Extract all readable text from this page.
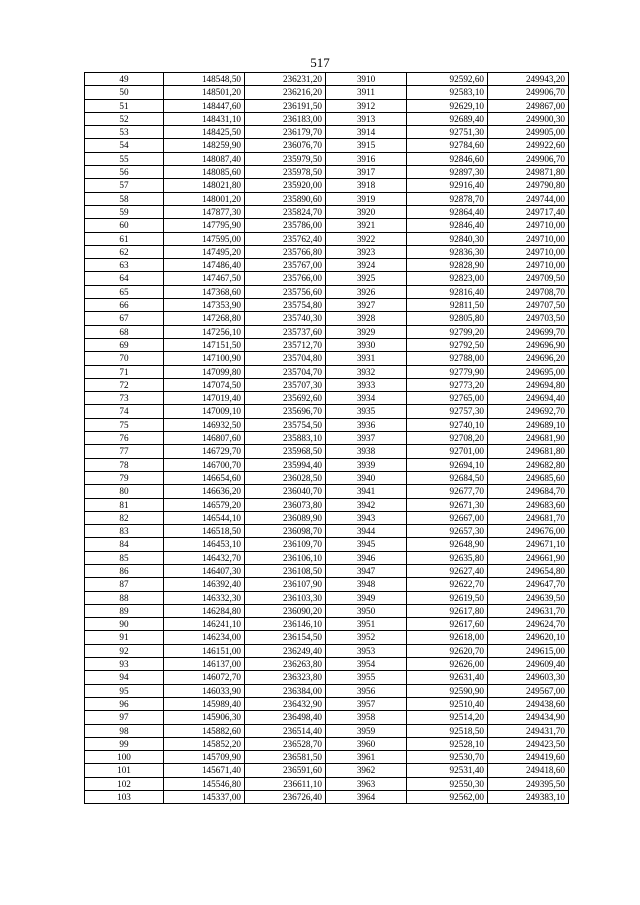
517
49	148548,50	236231,20	3910	92592,60	249943,20
50	148501,20	236216,20	3911	92583,10	249906,70
51	148447,60	236191,50	3912	92629,10	249867,00
52	148431,10	236183,00	3913	92689,40	249900,30
53	148425,50	236179,70	3914	92751,30	249905,00
54	148259,90	236076,70	3915	92784,60	249922,60
55	148087,40	235979,50	3916	92846,60	249906,70
56	148085,60	235978,50	3917	92897,30	249871,80
57	148021,80	235920,00	3918	92916,40	249790,80
58	148001,20	235890,60	3919	92878,70	249744,00
59	147877,30	235824,70	3920	92864,40	249717,40
60	147795,90	235786,00	3921	92846,40	249710,00
61	147595,00	235762,40	3922	92840,30	249710,00
62	147495,20	235766,80	3923	92836,30	249710,00
63	147486,40	235767,00	3924	92828,90	249710,00
64	147467,50	235766,00	3925	92823,00	249709,50
65	147368,60	235756,60	3926	92816,40	249708,70
66	147353,90	235754,80	3927	92811,50	249707,50
67	147268,80	235740,30	3928	92805,80	249703,50
68	147256,10	235737,60	3929	92799,20	249699,70
69	147151,50	235712,70	3930	92792,50	249696,90
70	147100,90	235704,80	3931	92788,00	249696,20
71	147099,80	235704,70	3932	92779,90	249695,00
72	147074,50	235707,30	3933	92773,20	249694,80
73	147019,40	235692,60	3934	92765,00	249694,40
74	147009,10	235696,70	3935	92757,30	249692,70
75	146932,50	235754,50	3936	92740,10	249689,10
76	146807,60	235883,10	3937	92708,20	249681,90
77	146729,70	235968,50	3938	92701,00	249681,80
78	146700,70	235994,40	3939	92694,10	249682,80
79	146654,60	236028,50	3940	92684,50	249685,60
80	146636,20	236040,70	3941	92677,70	249684,70
81	146579,20	236073,80	3942	92671,30	249683,60
82	146544,10	236089,90	3943	92667,00	249681,70
83	146518,50	236098,70	3944	92657,30	249676,00
84	146453,10	236109,70	3945	92648,90	249671,10
85	146432,70	236106,10	3946	92635,80	249661,90
86	146407,30	236108,50	3947	92627,40	249654,80
87	146392,40	236107,90	3948	92622,70	249647,70
88	146332,30	236103,30	3949	92619,50	249639,50
89	146284,80	236090,20	3950	92617,80	249631,70
90	146241,10	236146,10	3951	92617,60	249624,70
91	146234,00	236154,50	3952	92618,00	249620,10
92	146151,00	236249,40	3953	92620,70	249615,00
93	146137,00	236263,80	3954	92626,00	249609,40
94	146072,70	236323,80	3955	92631,40	249603,30
95	146033,90	236384,00	3956	92590,90	249567,00
96	145989,40	236432,90	3957	92510,40	249438,60
97	145906,30	236498,40	3958	92514,20	249434,90
98	145882,60	236514,40	3959	92518,50	249431,70
99	145852,20	236528,70	3960	92528,10	249423,50
100	145709,90	236581,50	3961	92530,70	249419,60
101	145671,40	236591,60	3962	92531,40	249418,60
102	145546,80	236611,10	3963	92550,30	249395,50
103	145337,00	236726,40	3964	92562,00	249383,10
